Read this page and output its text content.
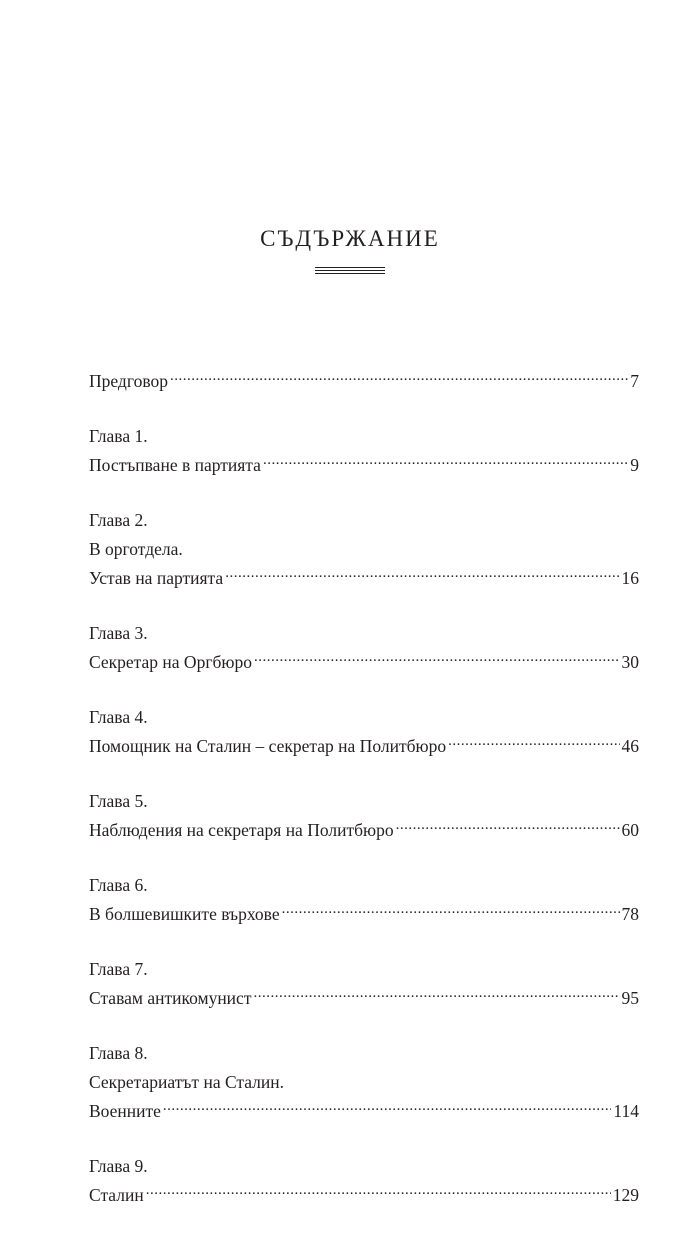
съдържание
Предговор .....	7
Глава 1.
Постъпване в партията .....	9
Глава 2.
В орготдела.
Устав на партията .....	16
Глава 3.
Секретар на Оргбюро .....	30
Глава 4.
Помощник на Сталин – секретар на Политбюро .....	46
Глава 5.
Наблюдения на секретаря на Политбюро .....	60
Глава 6.
В болшевишките върхове .....	78
Глава 7.
Ставам антикомунист .....	95
Глава 8.
Секретариатът на Сталин.
Военните .....	114
Глава 9.
Сталин .....	129
